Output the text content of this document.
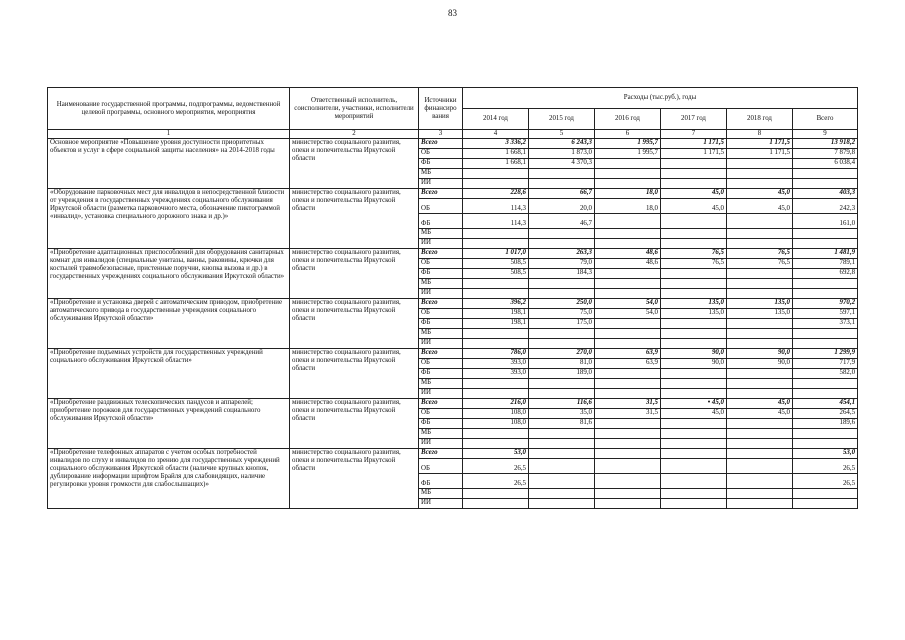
83
Наименование государственной программы, подпрограммы, ведомственной целевой программы, основного мероприятия, мероприятия	Ответственный исполнитель, соисполнители, участники, исполнители мероприятий	Источники финансиро вания	Расходы (тыс.руб.), годы					
			2014 год	2015 год	2016 год	2017 год	2018 год	Всего
1	2	3	4	5	6	7	8	9
Основное мероприятие «Повышение уровня доступности приоритетных объектов и услуг в сфере социальной защиты населения» на 2014-2018 годы	министерство социального развития, опеки и попечительства Иркутской области	Всего	3 336,2	6 243,3	1 995,7	1 171,5	1 171,5	13 918,2
		ОБ	1 668,1	1 873,0	1 995,7	1 171,5	1 171,5	7 879,8
		ФБ	1 668,1	4 370,3				6 038,4
		МБ						
		ИИ						
«Оборудование парковочных мест для инвалидов в непосредственной близости от учреждения в государственных учреждениях социального обслуживания Иркутской области (разметка парковочного места, обозначение пиктограммой «инвалид», установка специального дорожного знака и др.)»	министерство социального развития, опеки и попечительства Иркутской области	Всего	228,6	66,7	18,0	45,0	45,0	403,3
		ОБ	114,3	20,0	18,0	45,0	45,0	242,3
		ФБ	114,3	46,7				161,0
		МБ						
		ИИ						
«Приобретение адаптационных приспособлений для оборудования санитарных комнат для инвалидов (специальные унитазы, ванны, раковины, крючки для костылей травмобезопасные, пристенные поручни, кнопка вызова и др.) в государственных учреждениях социального обслуживания Иркутской области»	министерство социального развития, опеки и попечительства Иркутской области	Всего	1 017,0	263,3	48,6	76,5	76,5	1 481,9
		ОБ	508,5	79,0	48,6	76,5	76,5	789,1
		ФБ	508,5	184,3				692,8
		МБ						
		ИИ						
«Приобретение и установка дверей с автоматическим приводом, приобретение автоматического привода в государственные учреждения социального обслуживания Иркутской области»	министерство социального развития, опеки и попечительства Иркутской области	Всего	396,2	250,0	54,0	135,0	135,0	970,2
		ОБ	198,1	75,0	54,0	135,0	135,0	597,1
		ФБ	198,1	175,0				373,1
		МБ						
		ИИ						
«Приобретение подъемных устройств для государственных учреждений социального обслуживания Иркутской области»	министерство социального развития, опеки и попечительства Иркутской области	Всего	786,0	270,0	63,9	90,0	90,0	1 299,9
		ОБ	393,0	81,0	63,9	90,0	90,0	717,9
		ФБ	393,0	189,0				582,0
		МБ						
		ИИ						
«Приобретение раздвижных телескопических пандусов и аппарелей; приобретение порожков для государственных учреждений социального обслуживания Иркутской области»	министерство социального развития, опеки и попечительства Иркутской области	Всего	216,0	116,6	31,5	• 45,0	45,0	454,1
		ОБ	108,0	35,0	31,5	45,0	45,0	264,5
		ФБ	108,0	81,6				189,6
		МБ						
		ИИ						
«Приобретение телефонных аппаратов с учетом особых потребностей инвалидов по слуху и инвалидов по зрению для государственных учреждений социального обслуживания Иркутской области (наличие крупных кнопок, дублирование информации шрифтом Брайля для слабовидящих, наличие регулировки уровня громкости для слабослышащих)»	министерство социального развития, опеки и попечительства Иркутской области	Всего	53,0					53,0
		ОБ	26,5					26,5
		ФБ	26,5					26,5
		МБ						
		ИИ						
